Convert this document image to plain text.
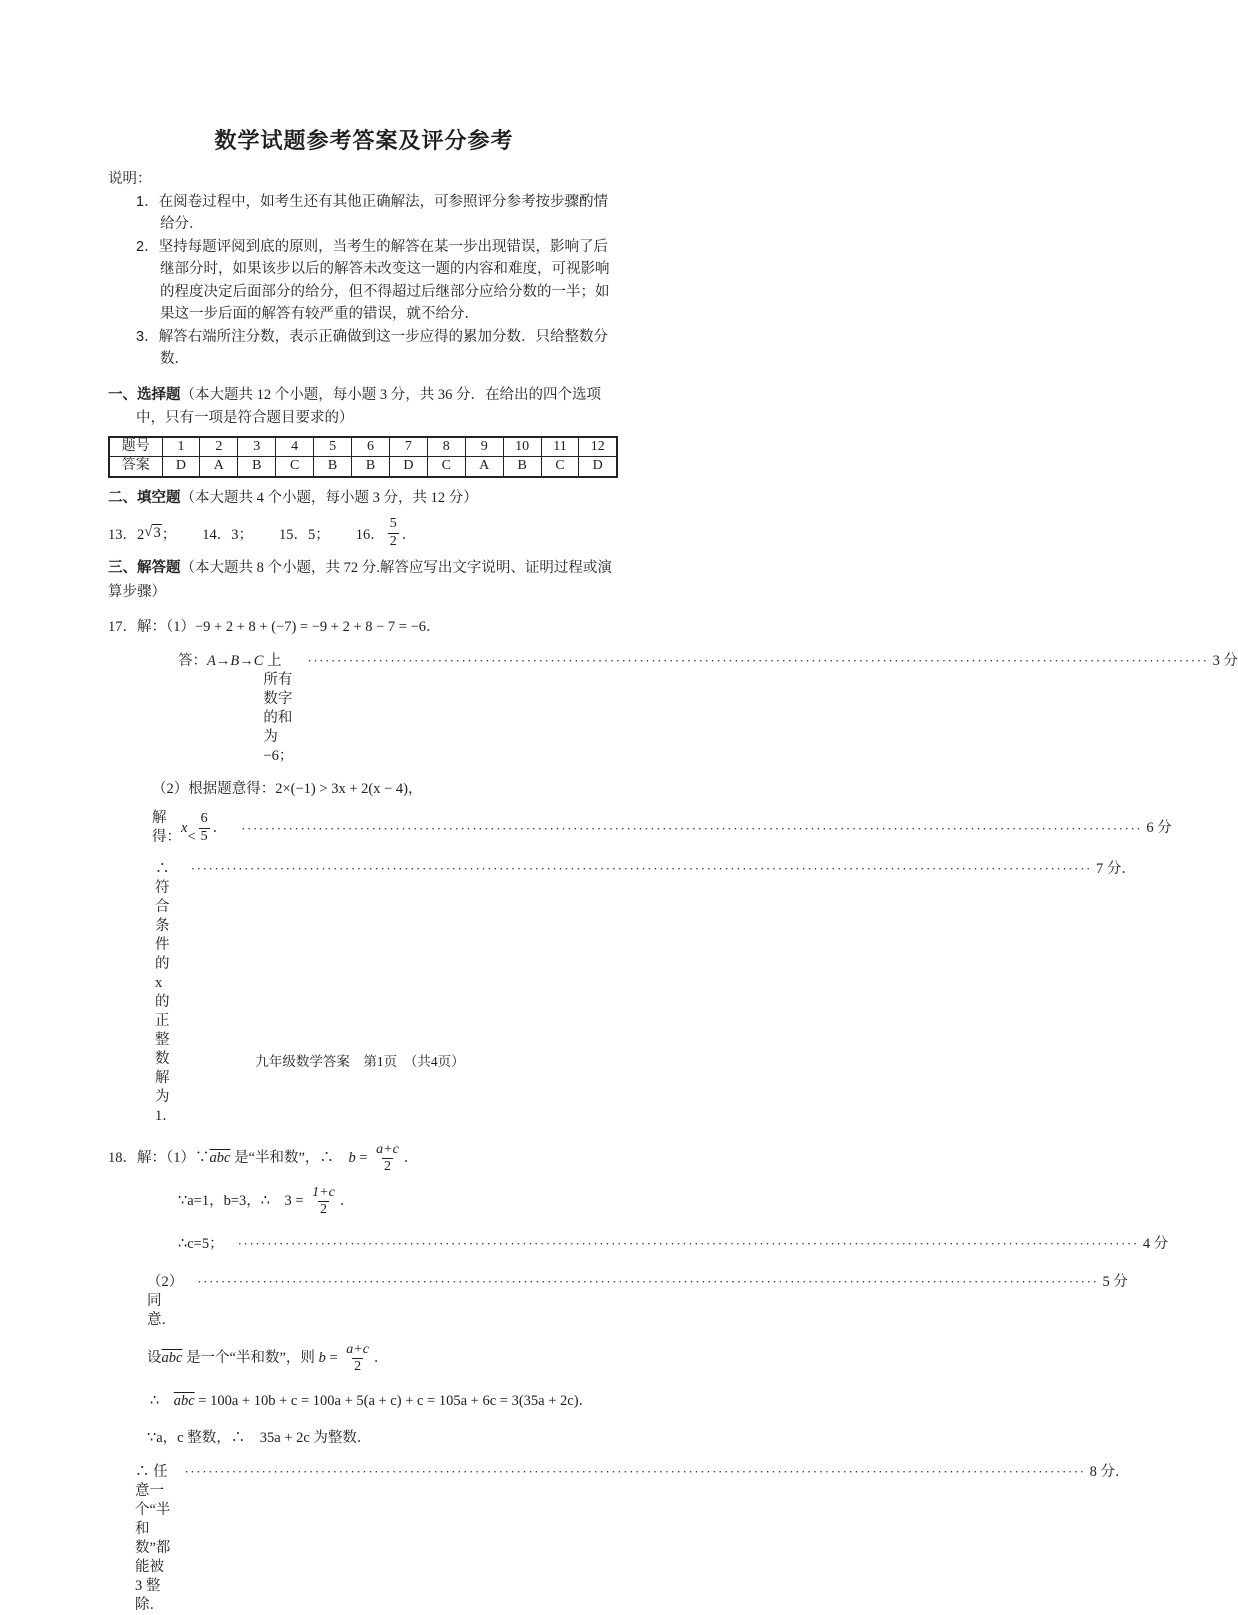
数学试题参考答案及评分参考
说明：
1．在阅卷过程中，如考生还有其他正确解法，可参照评分参考按步骤酌情给分．
2．坚持每题评阅到底的原则，当考生的解答在某一步出现错误，影响了后继部分时，如果该步以后的解答未改变这一题的内容和难度，可视影响的程度决定后面部分的给分，但不得超过后继部分应给分数的一半；如果这一步后面的解答有较严重的错误，就不给分．
3．解答右端所注分数，表示正确做到这一步应得的累加分数．只给整数分数．
一、选择题（本大题共 12 个小题，每小题 3 分，共 36 分．在给出的四个选项中，只有一项是符合题目要求的）
题号	1	2	3	4	5	6	7	8	9	10	11	12
答案	D	A	B	C	B	B	D	C	A	B	C	D
二、填空题（本大题共 4 个小题，每小题 3 分，共 12 分）
13．2 √ 3 ； 14．3； 15．5； 16． $\frac{5}{2}$ ．
三、解答题（本大题共 8 个小题，共 72 分.解答应写出文字说明、证明过程或演算步骤）
17．解：（1） −9 + 2 + 8 + (−7) = −9 + 2 + 8 − 7 = −6．
答： A→B→C 上所有数字的和为−6；
························································································································································ 3 分
（2）根据题意得： 2×(−1) > 3x + 2(x − 4)，
解得：
x
< $\frac{6}{5}$ ． ························································································································································ 6 分
∴符合条件的 x 的正整数解为 1．
························································································································································ 7 分．
18．解：（1）∵ $\overline{abc}$ 是“半和数”，∴　 $b = \frac{a+c}{2}$ ．
∵a=1，b=3，∴　$3 = \frac{1+c}{2}$ ．
∴c=5； ························································································································································ 4 分
（2）同意．
························································································································································ 5 分
设 $\overline{abc}$ 是一个“半和数”，则 $b = \frac{a+c}{2}$ ．
∴　 $\overline{abc} = 100a + 10b + c = 100a + 5(a + c) + c = 105a + 6c = 3(35a + 2c)$．
∵a，c 整数，∴　35a + 2c 为整数．
∴ 任意一个“半和数”都能被 3 整除．
························································································································································ 8 分．
九年级数学答案　第1页　（共4页）
